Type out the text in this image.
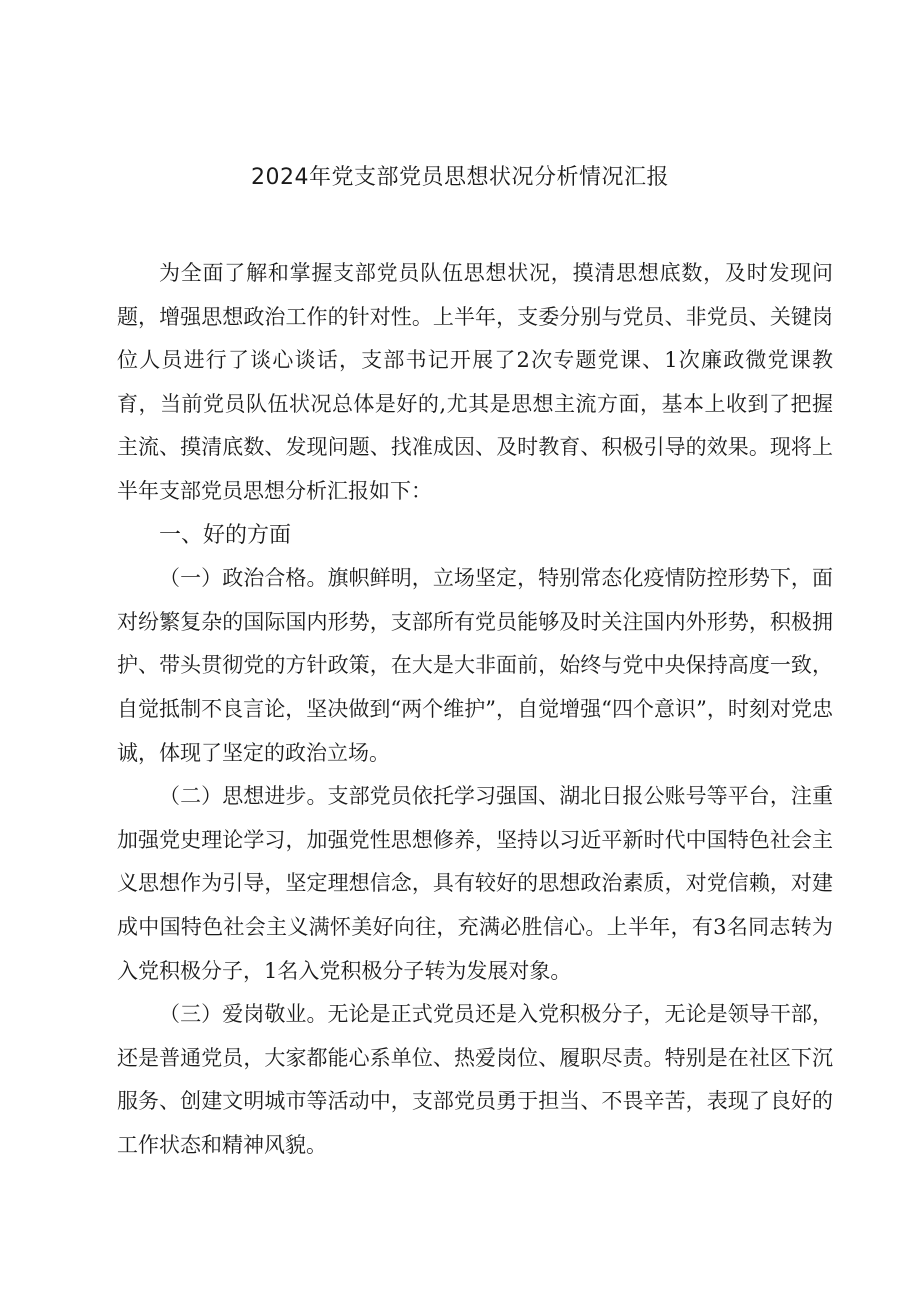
2024年党支部党员思想状况分析情况汇报

为全面了解和掌握支部党员队伍思想状况，摸清思想底数，及时发现问题，增强思想政治工作的针对性。上半年，支委分别与党员、非党员、关键岗位人员进行了谈心谈话，支部书记开展了2次专题党课、1次廉政微党课教育，当前党员队伍状况总体是好的,尤其是思想主流方面，基本上收到了把握主流、摸清底数、发现问题、找准成因、及时教育、积极引导的效果。现将上半年支部党员思想分析汇报如下：

一、好的方面

（一）政治合格。旗帜鲜明，立场坚定，特别常态化疫情防控形势下，面对纷繁复杂的国际国内形势，支部所有党员能够及时关注国内外形势，积极拥护、带头贯彻党的方针政策，在大是大非面前，始终与党中央保持高度一致，自觉抵制不良言论，坚决做到“两个维护”，自觉增强“四个意识”，时刻对党忠诚，体现了坚定的政治立场。

（二）思想进步。支部党员依托学习强国、湖北日报公账号等平台，注重加强党史理论学习，加强党性思想修养，坚持以习近平新时代中国特色社会主义思想作为引导，坚定理想信念，具有较好的思想政治素质，对党信赖，对建成中国特色社会主义满怀美好向往，充满必胜信心。上半年，有3名同志转为入党积极分子，1名入党积极分子转为发展对象。

（三）爱岗敬业。无论是正式党员还是入党积极分子，无论是领导干部，还是普通党员，大家都能心系单位、热爱岗位、履职尽责。特别是在社区下沉服务、创建文明城市等活动中，支部党员勇于担当、不畏辛苦，表现了良好的工作状态和精神风貌。
